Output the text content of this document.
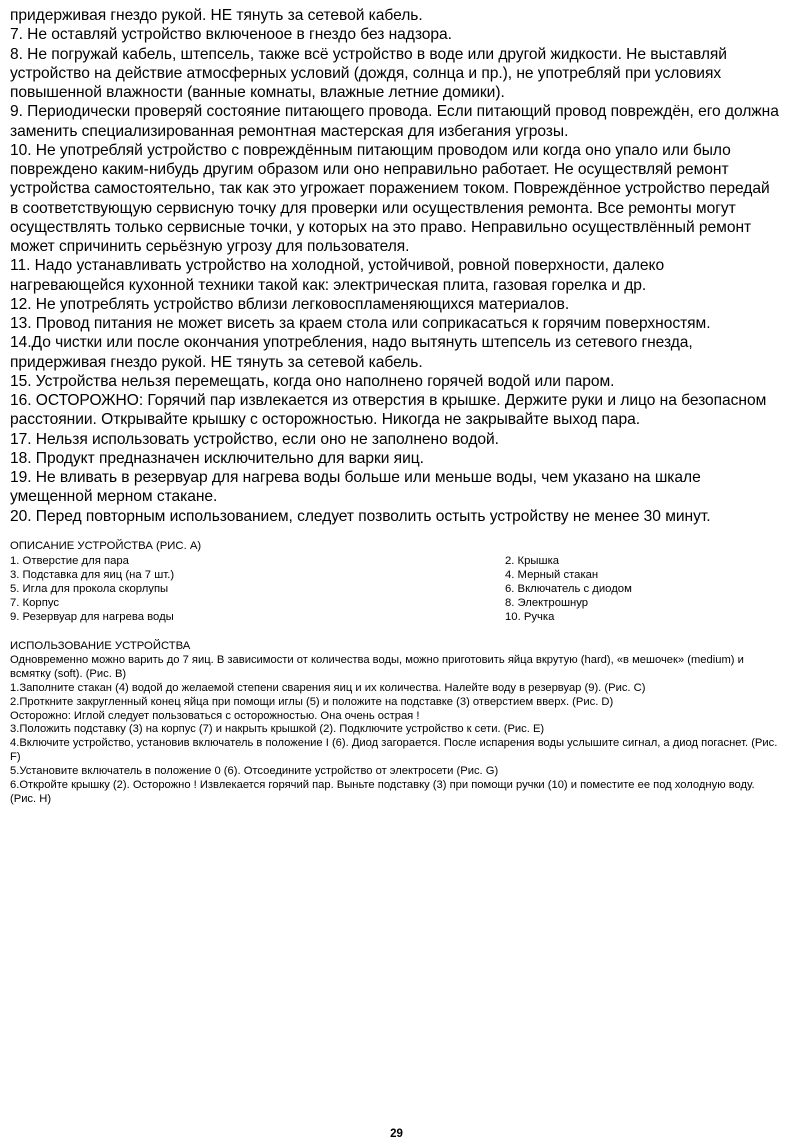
придерживая гнездо рукой. НЕ тянуть за сетевой кабель.

7. Не оставляй устройство включеноое в гнездо без надзора.

8. Не погружай кабель, штепсель, также всё устройство в воде или другой жидкости. Не выставляй устройство на действие атмосферных условий (дождя, солнца и пр.), не употребляй при условиях повышенной влажности (ванные комнаты, влажные летние домики).

9. Периодически проверяй состояние питающего провода. Если питающий провод повреждён, его должна заменить специализированная ремонтная мастерская для избегания угрозы.

10. Не употребляй устройство с повреждённым питающим проводом или когда оно упало или было повреждено каким-нибудь другим образом или оно неправильно работает. Не осуществляй ремонт устройства самостоятельно, так как это угрожает поражением током. Повреждённое устройство передай в соответствующую сервисную точку для проверки или осуществления ремонта. Все ремонты могут осуществлять только сервисные точки, у которых на это право. Неправильно осуществлённый ремонт может спричинить серьёзную угрозу для пользователя.

11. Надо устанавливать устройство на холодной, устойчивой, ровной поверхности, далеко нагревающейся кухонной техники такой как: электрическая плита, газовая горелка и др.

12. Не употреблять устройство вблизи легковоспламеняющихся материалов.

13. Провод питания не может висеть за краем стола или соприкасаться к горячим поверхностям.

14.До чистки или после окончания употребления, надо вытянуть штепсель из сетевого гнезда, придерживая гнездо рукой. НЕ тянуть за сетевой кабель.

15. Устройства нельзя перемещать, когда оно наполнено горячей водой или паром.

16. ОСТОРОЖНО: Горячий пар извлекается из отверстия в крышке. Держите руки и лицо на безопасном расстоянии. Открывайте крышку с осторожностью. Никогда не закрывайте выход пара.

17. Нельзя использовать устройство, если оно не заполнено водой.

18. Продукт предназначен исключительно для варки яиц.

19. Не вливать в резервуар для нагрева воды больше или меньше воды, чем указано на шкале умещенной мерном стакане.

20. Перед повторным использованием, следует позволить остыть устройству не менее 30 минут.

ОПИСАНИЕ УСТРОЙСТВА (РИС. А)
1. Отверстие для пара	2. Крышка
3. Подставка для яиц (на 7 шт.)	4. Мерный стакан
5. Игла для прокола скорлупы	6. Включатель с диодом
7. Корпус	8. Электрошнур
9. Резервуар для нагрева воды	10. Ручка
ИСПОЛЬЗОВАНИЕ УСТРОЙСТВА

Одновременно можно варить до 7 яиц. В зависимости от количества воды, можно приготовить яйца вкрутую (hard), «в мешочек» (medium) и всмятку (soft). (Рис. B)

1.Заполните стакан (4) водой до желаемой степени сварения яиц и их количества. Налейте воду в резервуар (9). (Рис. C)

2.Проткните закругленный конец яйца при помощи иглы (5) и положите на подставке (3) отверстием вверх. (Рис. D)

Осторожно: Иглой следует пользоваться с осторожностью. Она очень острая !

3.Положить подставку (3) на корпус (7) и накрыть крышкой (2). Подключите устройство к сети. (Рис. E)

4.Включите устройство, установив включатель в положение I (6). Диод загорается. После испарения воды услышите сигнал, а диод погаснет. (Рис. F)

5.Установите включатель в положение 0 (6). Отсоедините устройство от электросети (Рис. G)

6.Откройте крышку (2). Осторожно ! Извлекается горячий пар. Выньте подставку (3) при помощи ручки (10) и поместите ее под холодную воду. (Рис. H)

29
